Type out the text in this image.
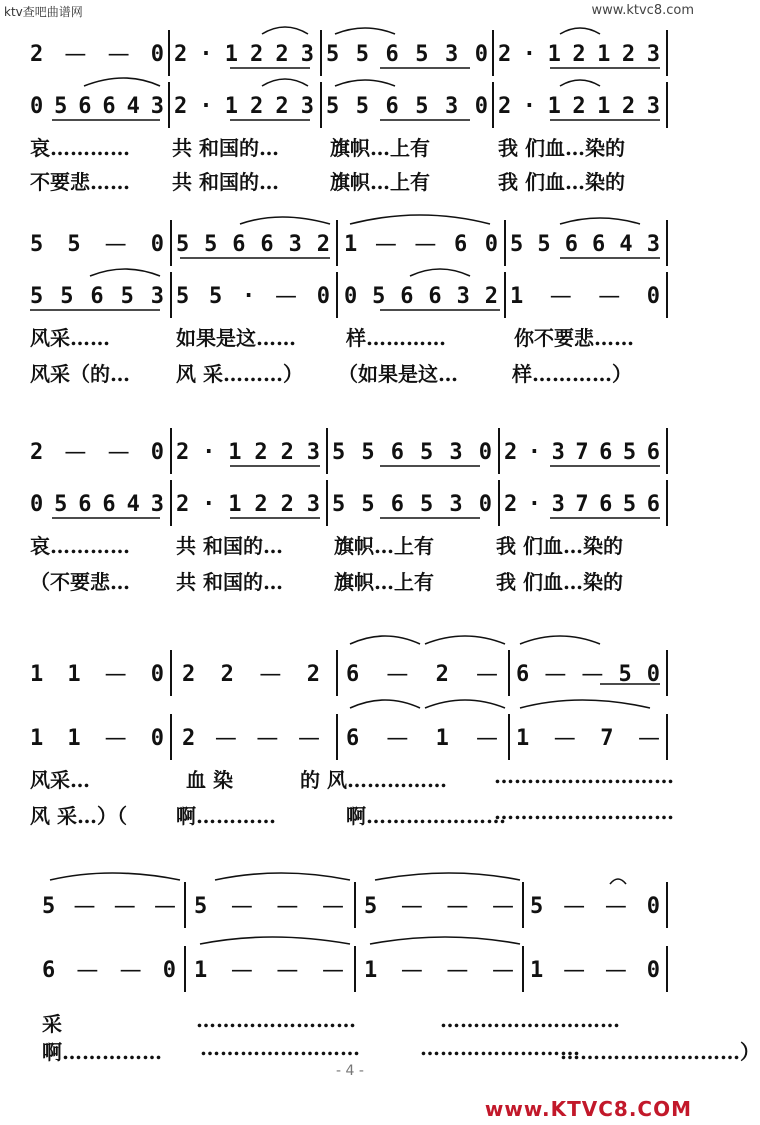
ktv查吧曲谱网	www.ktvc8.com
2 — — 0 2 · 1 2 2 3 5 5 6 5 3 0 2 · 1 2 1 2 3
0 5 6 6 4 3 2 · 1 2 2 3 5 5 6 5 3 0 2 · 1 2 1 2 3
哀………… 共 和国的…	旗帜…上有	我 们血…染的
不要悲…… 共 和国的…	旗帜…上有	我 们血…染的
5 5 — 0 5 5 6 6 3 2 1 — — 6 0 5 5 6 6 4 3
5 5 6 5 3 5 5 · — 0 0 5 6 6 3 2 1 — — 0
风采……	如果是这……	样…………	你不要悲……
风采（的… 风 采………） （如果是这…	样…………）
2 — — 0 2 · 1 2 2 3 5 5 6 5 3 0 2 · 3 7 6 5 6
0 5 6 6 4 3 2 · 1 2 2 3 5 5 6 5 3 0 2 · 3 7 6 5 6
哀………… 共 和国的…	旗帜…上有	我 们血…染的
（不要悲… 共 和国的…	旗帜…上有	我 们血…染的
1 1 — 0 2 2 — 2 6 — 2 — 6 — — 5 0
1 1 — 0 2 — — — 6 — 1 — 1 — 7 —
风采…	血 染	的 风…………… ………………………
风 采…）（ 啊…………	啊…………………
………………………
5 — — — 5 — — — 5 — — — 5 — — 0
6 — — 0 1 — — — 1 — — — 1 — — 0
采	……………………	………………………
啊…………… ……………………	……………………
………………………）
- 4 -
www.KTVC8.COM
